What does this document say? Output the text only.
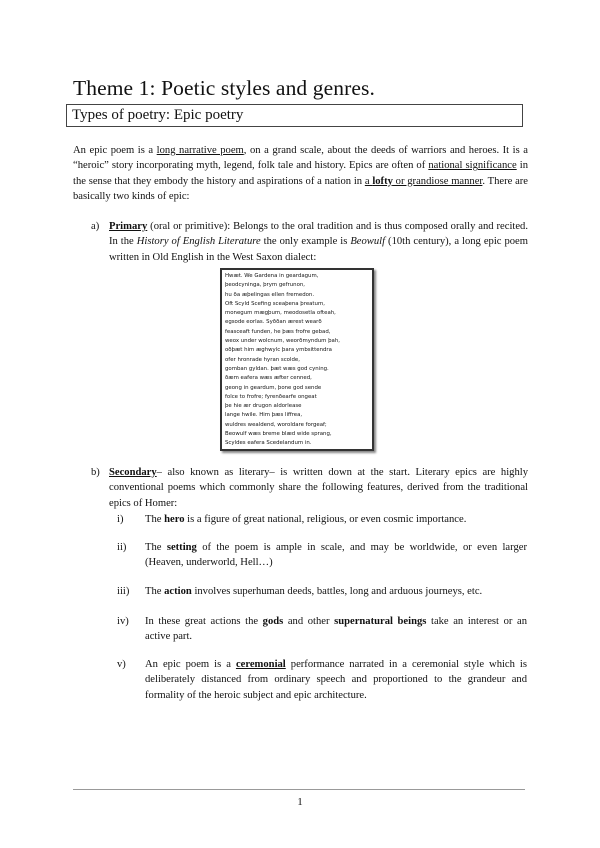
Theme 1: Poetic styles and genres.
Types of poetry: Epic poetry
An epic poem is a long narrative poem, on a grand scale, about the deeds of warriors and heroes. It is a “heroic” story incorporating myth, legend, folk tale and history. Epics are often of national significance in the sense that they embody the history and aspirations of a nation in a lofty or grandiose manner. There are basically two kinds of epic:
a) Primary (oral or primitive): Belongs to the oral tradition and is thus composed orally and recited. In the History of English Literature the only example is Beowulf (10th century), a long epic poem written in Old English in the West Saxon dialect:
Hwæt. We Gardena in geardagum,
þeodcyninga, þrym gefrunon,
hu ða æþelingas ellen fremedon.
Oft Scyld Scefing sceaþena þreatum,
monegum mægþum, meodosetla ofteah,
egsode eorlas. Syððan ærest wearð
feasceaft funden, he þæs frofre gebad,
weox under wolcnum, weorðmyndum þah,
oðþæt him æghwylc þara ymbsittendra
ofer hronrade hyran scolde,
gomban gyldan. þæt wæs god cyning.
ðæm eafera wæs æfter cenned,
geong in geardum, þone god sende
folce to frofre; fyrenðearfe ongeat
þe hie ær drugon aldorlease
lange hwile. Him þæs liffrea,
wuldres wealdend, woroldare forgeaf;
Beowulf wæs breme blæd wide sprang,
Scyldes eafera Scedelandum in.
b) Secondary– also known as literary– is written down at the start. Literary epics are highly conventional poems which commonly share the following features, derived from the traditional epics of Homer:
i)	The hero is a figure of great national, religious, or even cosmic importance.
ii)	The setting of the poem is ample in scale, and may be worldwide, or even larger (Heaven, underworld, Hell…)
iii)	The action involves superhuman deeds, battles, long and arduous journeys, etc.
iv)	In these great actions the gods and other supernatural beings take an interest or an active part.
v)	An epic poem is a ceremonial performance narrated in a ceremonial style which is deliberately distanced from ordinary speech and proportioned to the grandeur and formality of the heroic subject and epic architecture.
1
